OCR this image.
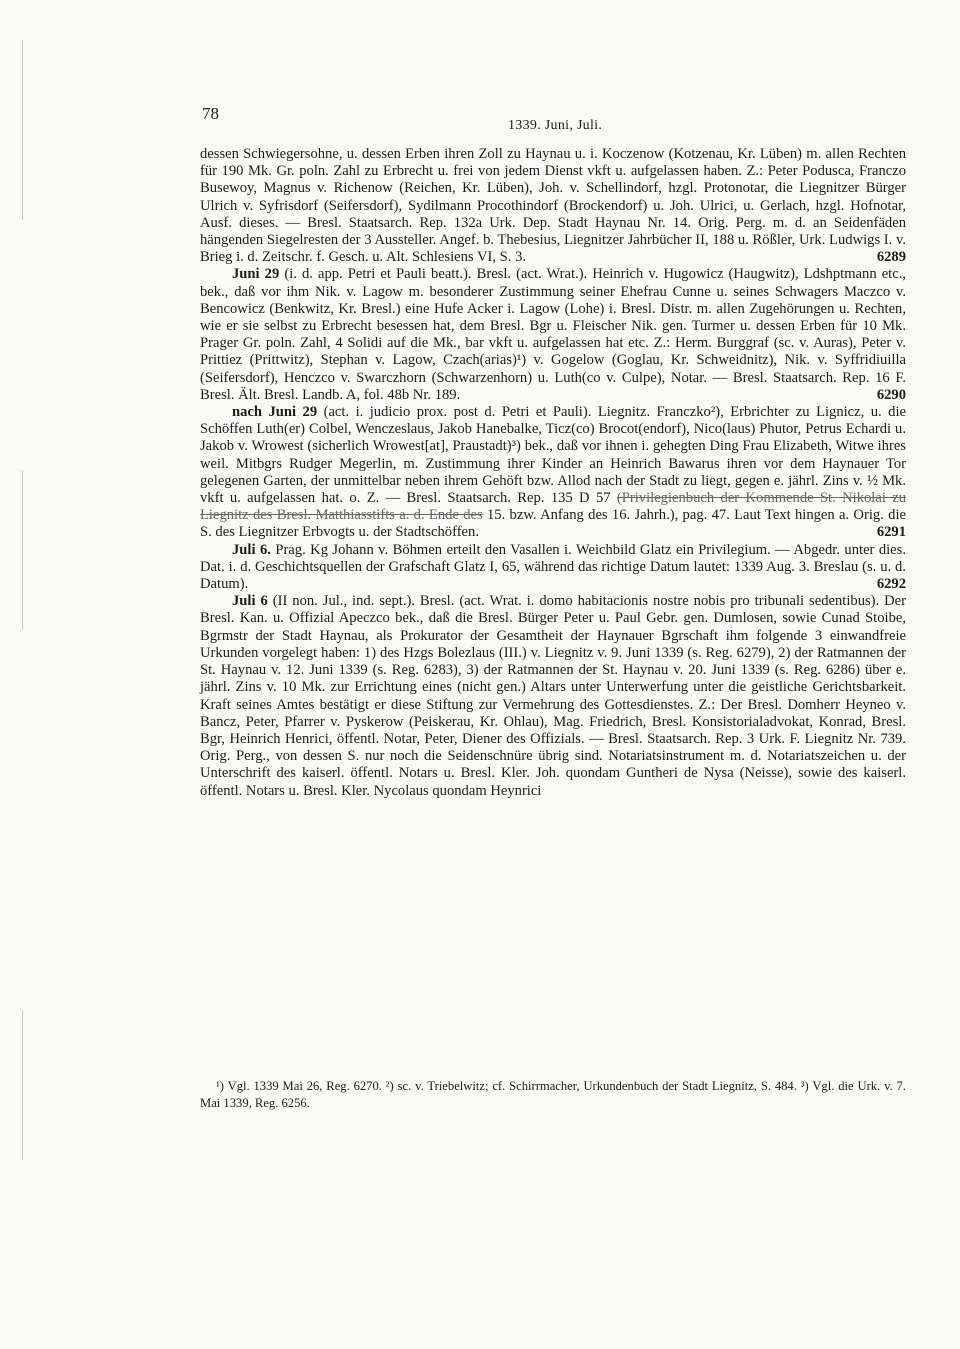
78
1339. Juni, Juli.

dessen Schwiegersohne, u. dessen Erben ihren Zoll zu Haynau u. i. Koczenow (Kotzenau, Kr. Lüben) m. allen Rechten für 190 Mk. Gr. poln. Zahl zu Erbrecht u. frei von jedem Dienst vkft u. aufgelassen haben. Z.: Peter Podusca, Franczo Busewoy, Magnus v. Richenow (Reichen, Kr. Lüben), Joh. v. Schellindorf, hzgl. Protonotar, die Liegnitzer Bürger Ulrich v. Syfrisdorf (Seifersdorf), Sydilmann Procothindorf (Brockendorf) u. Joh. Ulrici, u. Gerlach, hzgl. Hofnotar, Ausf. dieses. — Bresl. Staatsarch. Rep. 132a Urk. Dep. Stadt Haynau Nr. 14. Orig. Perg. m. d. an Seidenfäden hängenden Siegelresten der 3 Aussteller. Angef. b. Thebesius, Liegnitzer Jahrbücher II, 188 u. Rößler, Urk. Ludwigs I. v. Brieg i. d. Zeitschr. f. Gesch. u. Alt. Schlesiens VI, S. 3.	6289

Juni 29 (i. d. app. Petri et Pauli beatt.). Bresl. (act. Wrat.). Heinrich v. Hugowicz (Haugwitz), Ldshptmann etc., bek., daß vor ihm Nik. v. Lagow m. besonderer Zustimmung seiner Ehefrau Cunne u. seines Schwagers Maczco v. Bencowicz (Benkwitz, Kr. Bresl.) eine Hufe Acker i. Lagow (Lohe) i. Bresl. Distr. m. allen Zugehörungen u. Rechten, wie er sie selbst zu Erbrecht besessen hat, dem Bresl. Bgr u. Fleischer Nik. gen. Turmer u. dessen Erben für 10 Mk. Prager Gr. poln. Zahl, 4 Solidi auf die Mk., bar vkft u. aufgelassen hat etc. Z.: Herm. Burggraf (sc. v. Auras), Peter v. Prittiez (Prittwitz), Stephan v. Lagow, Czach(arias)¹) v. Gogelow (Goglau, Kr. Schweidnitz), Nik. v. Syffridiuilla (Seifersdorf), Henczco v. Swarczhorn (Schwarzenhorn) u. Luth(co v. Culpe), Notar. — Bresl. Staatsarch. Rep. 16 F. Bresl. Ält. Bresl. Landb. A, fol. 48b Nr. 189.	6290

nach Juni 29 (act. i. judicio prox. post d. Petri et Pauli). Liegnitz. Franczko²), Erbrichter zu Lignicz, u. die Schöffen Luth(er) Colbel, Wenczeslaus, Jakob Hanebalke, Ticz(co) Brocot(endorf), Nico(laus) Phutor, Petrus Echardi u. Jakob v. Wrowest (sicherlich Wrowest[at], Praustadt)³) bek., daß vor ihnen i. gehegten Ding Frau Elizabeth, Witwe ihres weil. Mitbgrs Rudger Megerlin, m. Zustimmung ihrer Kinder an Heinrich Bawarus ihren vor dem Haynauer Tor gelegenen Garten, der unmittelbar neben ihrem Gehöft bzw. Allod nach der Stadt zu liegt, gegen e. jährl. Zins v. ½ Mk. vkft u. aufgelassen hat. o. Z. — Bresl. Staatsarch. Rep. 135 D 57 (Privilegienbuch der Kommende St. Nikolai zu Liegnitz des Bresl. Matthiasstifts a. d. Ende des 15. bzw. Anfang des 16. Jahrh.), pag. 47. Laut Text hingen a. Orig. die S. des Liegnitzer Erbvogts u. der Stadtschöffen.	6291

Juli 6. Prag. Kg Johann v. Böhmen erteilt den Vasallen i. Weichbild Glatz ein Privilegium. — Abgedr. unter dies. Dat. i. d. Geschichtsquellen der Grafschaft Glatz I, 65, während das richtige Datum lautet: 1339 Aug. 3. Breslau (s. u. d. Datum).	6292

Juli 6 (II non. Jul., ind. sept.). Bresl. (act. Wrat. i. domo habitacionis nostre nobis pro tribunali sedentibus). Der Bresl. Kan. u. Offizial Apeczco bek., daß die Bresl. Bürger Peter u. Paul Gebr. gen. Dumlosen, sowie Cunad Stoibe, Bgrmstr der Stadt Haynau, als Prokurator der Gesamtheit der Haynauer Bgrschaft ihm folgende 3 einwandfreie Urkunden vorgelegt haben: 1) des Hzgs Bolezlaus (III.) v. Liegnitz v. 9. Juni 1339 (s. Reg. 6279), 2) der Ratmannen der St. Haynau v. 12. Juni 1339 (s. Reg. 6283), 3) der Ratmannen der St. Haynau v. 20. Juni 1339 (s. Reg. 6286) über e. jährl. Zins v. 10 Mk. zur Errichtung eines (nicht gen.) Altars unter Unterwerfung unter die geistliche Gerichtsbarkeit. Kraft seines Amtes bestätigt er diese Stiftung zur Vermehrung des Gottesdienstes. Z.: Der Bresl. Domherr Heyneo v. Bancz, Peter, Pfarrer v. Pyskerow (Peiskerau, Kr. Ohlau), Mag. Friedrich, Bresl. Konsistorialadvokat, Konrad, Bresl. Bgr, Heinrich Henrici, öffentl. Notar, Peter, Diener des Offizials. — Bresl. Staatsarch. Rep. 3 Urk. F. Liegnitz Nr. 739. Orig. Perg., von dessen S. nur noch die Seidenschnüre übrig sind. Notariatsinstrument m. d. Notariatszeichen u. der Unterschrift des kaiserl. öffentl. Notars u. Bresl. Kler. Joh. quondam Guntheri de Nysa (Neisse), sowie des kaiserl. öffentl. Notars u. Bresl. Kler. Nycolaus quondam Heynrici

¹) Vgl. 1339 Mai 26, Reg. 6270. ²) sc. v. Triebelwitz; cf. Schirrmacher, Urkundenbuch der Stadt Liegnitz, S. 484. ³) Vgl. die Urk. v. 7. Mai 1339, Reg. 6256.
